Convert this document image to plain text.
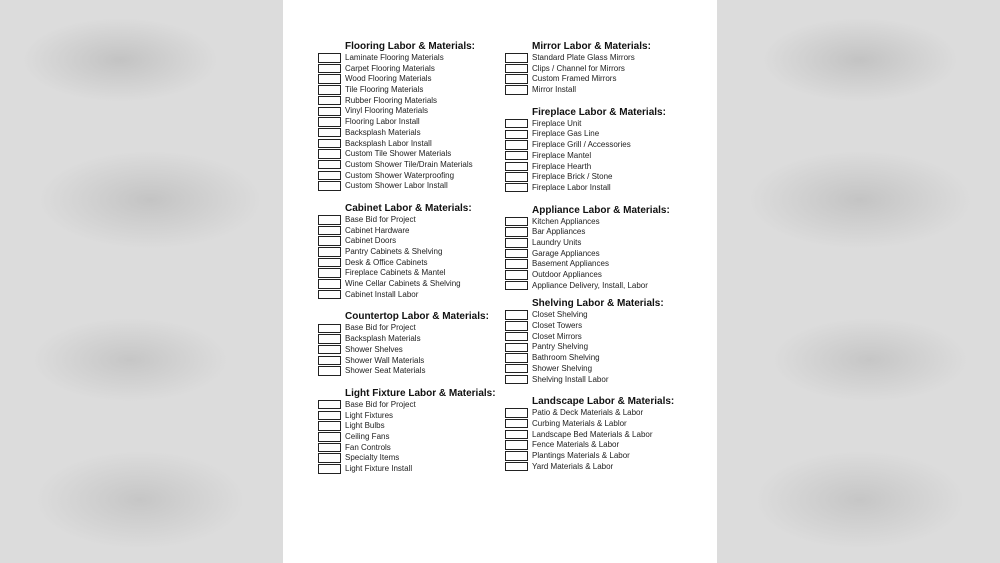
Flooring Labor & Materials:
Laminate Flooring Materials
Carpet Flooring Materials
Wood Flooring Materials
Tile Flooring Materials
Rubber Flooring Materials
Vinyl Flooring Materials
Flooring Labor Install
Backsplash Materials
Backsplash Labor Install
Custom Tile Shower Materials
Custom Shower Tile/Drain Materials
Custom Shower Waterproofing
Custom Shower Labor Install
Cabinet Labor & Materials:
Base Bid for Project
Cabinet Hardware
Cabinet Doors
Pantry Cabinets & Shelving
Desk & Office Cabinets
Fireplace Cabinets & Mantel
Wine Cellar Cabinets & Shelving
Cabinet Install Labor
Countertop Labor & Materials:
Base Bid for Project
Backsplash Materials
Shower Shelves
Shower Wall Materials
Shower Seat Materials
Light Fixture Labor & Materials:
Base Bid for Project
Light Fixtures
Light Bulbs
Ceiling Fans
Fan Controls
Specialty Items
Light Fixture Install
Mirror Labor & Materials:
Standard Plate Glass Mirrors
Clips / Channel for Mirrors
Custom Framed Mirrors
Mirror Install
Fireplace Labor & Materials:
Fireplace Unit
Fireplace Gas Line
Fireplace Grill / Accessories
Fireplace Mantel
Fireplace Hearth
Fireplace Brick / Stone
Fireplace Labor Install
Appliance Labor & Materials:
Kitchen Appliances
Bar Appliances
Laundry Units
Garage Appliances
Basement Appliances
Outdoor Appliances
Appliance Delivery, Install, Labor
Shelving Labor & Materials:
Closet Shelving
Closet Towers
Closet Mirrors
Pantry Shelving
Bathroom Shelving
Shower Shelving
Shelving Install Labor
Landscape Labor & Materials:
Patio & Deck Materials & Labor
Curbing Materials & Lablor
Landscape Bed Materials & Labor
Fence Materials & Labor
Plantings Materials & Labor
Yard Materials & Labor
